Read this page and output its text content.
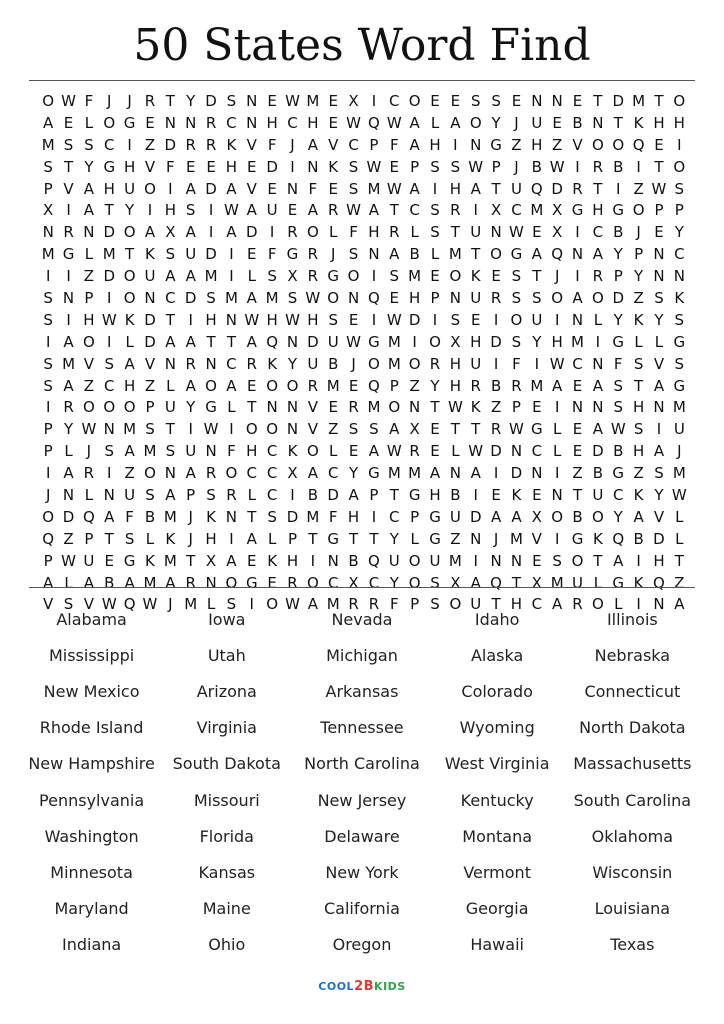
50 States Word Find
O W F J	J R T Y D S N E W M E X I C O E E S S E N N E T D M T O
A E L O G E N N R C N H C H E W Q W A L A O Y J U E B N T K H H
M S S C I Z D R R K V F J A V C P F A H I N G Z H Z V O O Q E I
S T Y G H V F E E H E D I N K S W E P S S W P J B W I R B I T O
P V A H U O I A D A V E N F E S M W A I H A T U Q D R T I Z W S
X I A T Y I H S I W A U E A R W A T C S R I X C M X G H G O P P
N R N D O A X A I A D I R O L F H R L S T U N W E X I C B J E Y
M G L M T K S U D I E F G R J S N A B L M T O G A Q N A Y P N C
I	I Z D O U A A M I L S X R G O I S M E O K E S T J	I R P Y N N
S N P I O N C D S M A M S W O N Q E H P N U R S S O A O D Z S K
S I H W K D T I H N W H W H S E I W D I S E I O U I N L Y K Y S
I A O I L D A A T T A Q N D U W G M I O X H D S Y H M I G L L G
S M V S A V N R N C R K Y U B J O M O R H U I F I W C N F S V S
S A Z C H Z L A O A E O O R M E Q P Z Y H R B R M A E A S T A G
I R O O O P U Y G L T N N V E R M O N T W K Z P E I N N S H N M
P Y W N M S T I W I O O N V Z S S A X E T T R W G L E A W S I U
P L J S A M S U N F H C K O L E A W R E L W D N C L E D B H A J
I A R I Z O N A R O C C X A C Y G M M A N A I D N I Z B G Z S M
J N L N U S A P S R L C I B D A P T G H B I E K E N T U C K Y W
O D Q A F B M J K N T S D M F H I C P G U D A A X O B O Y A V L
Q Z P T S L K J H I A L P T G T T Y L G Z N J M V I G K Q B D L
P W U E G K M T X A E K H I N B Q U O U M I N N E S O T A I H T
A L A B A M A R N O G E R O C X C Y O S X A Q T X M U L G K Q Z
V S V W Q W J M L S I O W A M R R F P S O U T H C A R O L I N A
Alabama	Iowa	Nevada	Idaho	Illinois
Mississippi	Utah	Michigan	Alaska	Nebraska
New Mexico	Arizona	Arkansas	Colorado	Connecticut
Rhode Island	Virginia	Tennessee	Wyoming	North Dakota
New Hampshire	South Dakota	North Carolina	West Virginia	Massachusetts
Pennsylvania	Missouri	New Jersey	Kentucky	South Carolina
Washington	Florida	Delaware	Montana	Oklahoma
Minnesota	Kansas	New York	Vermont	Wisconsin
Maryland	Maine	California	Georgia	Louisiana
Indiana	Ohio	Oregon	Hawaii	Texas
COOL2BKIDS
